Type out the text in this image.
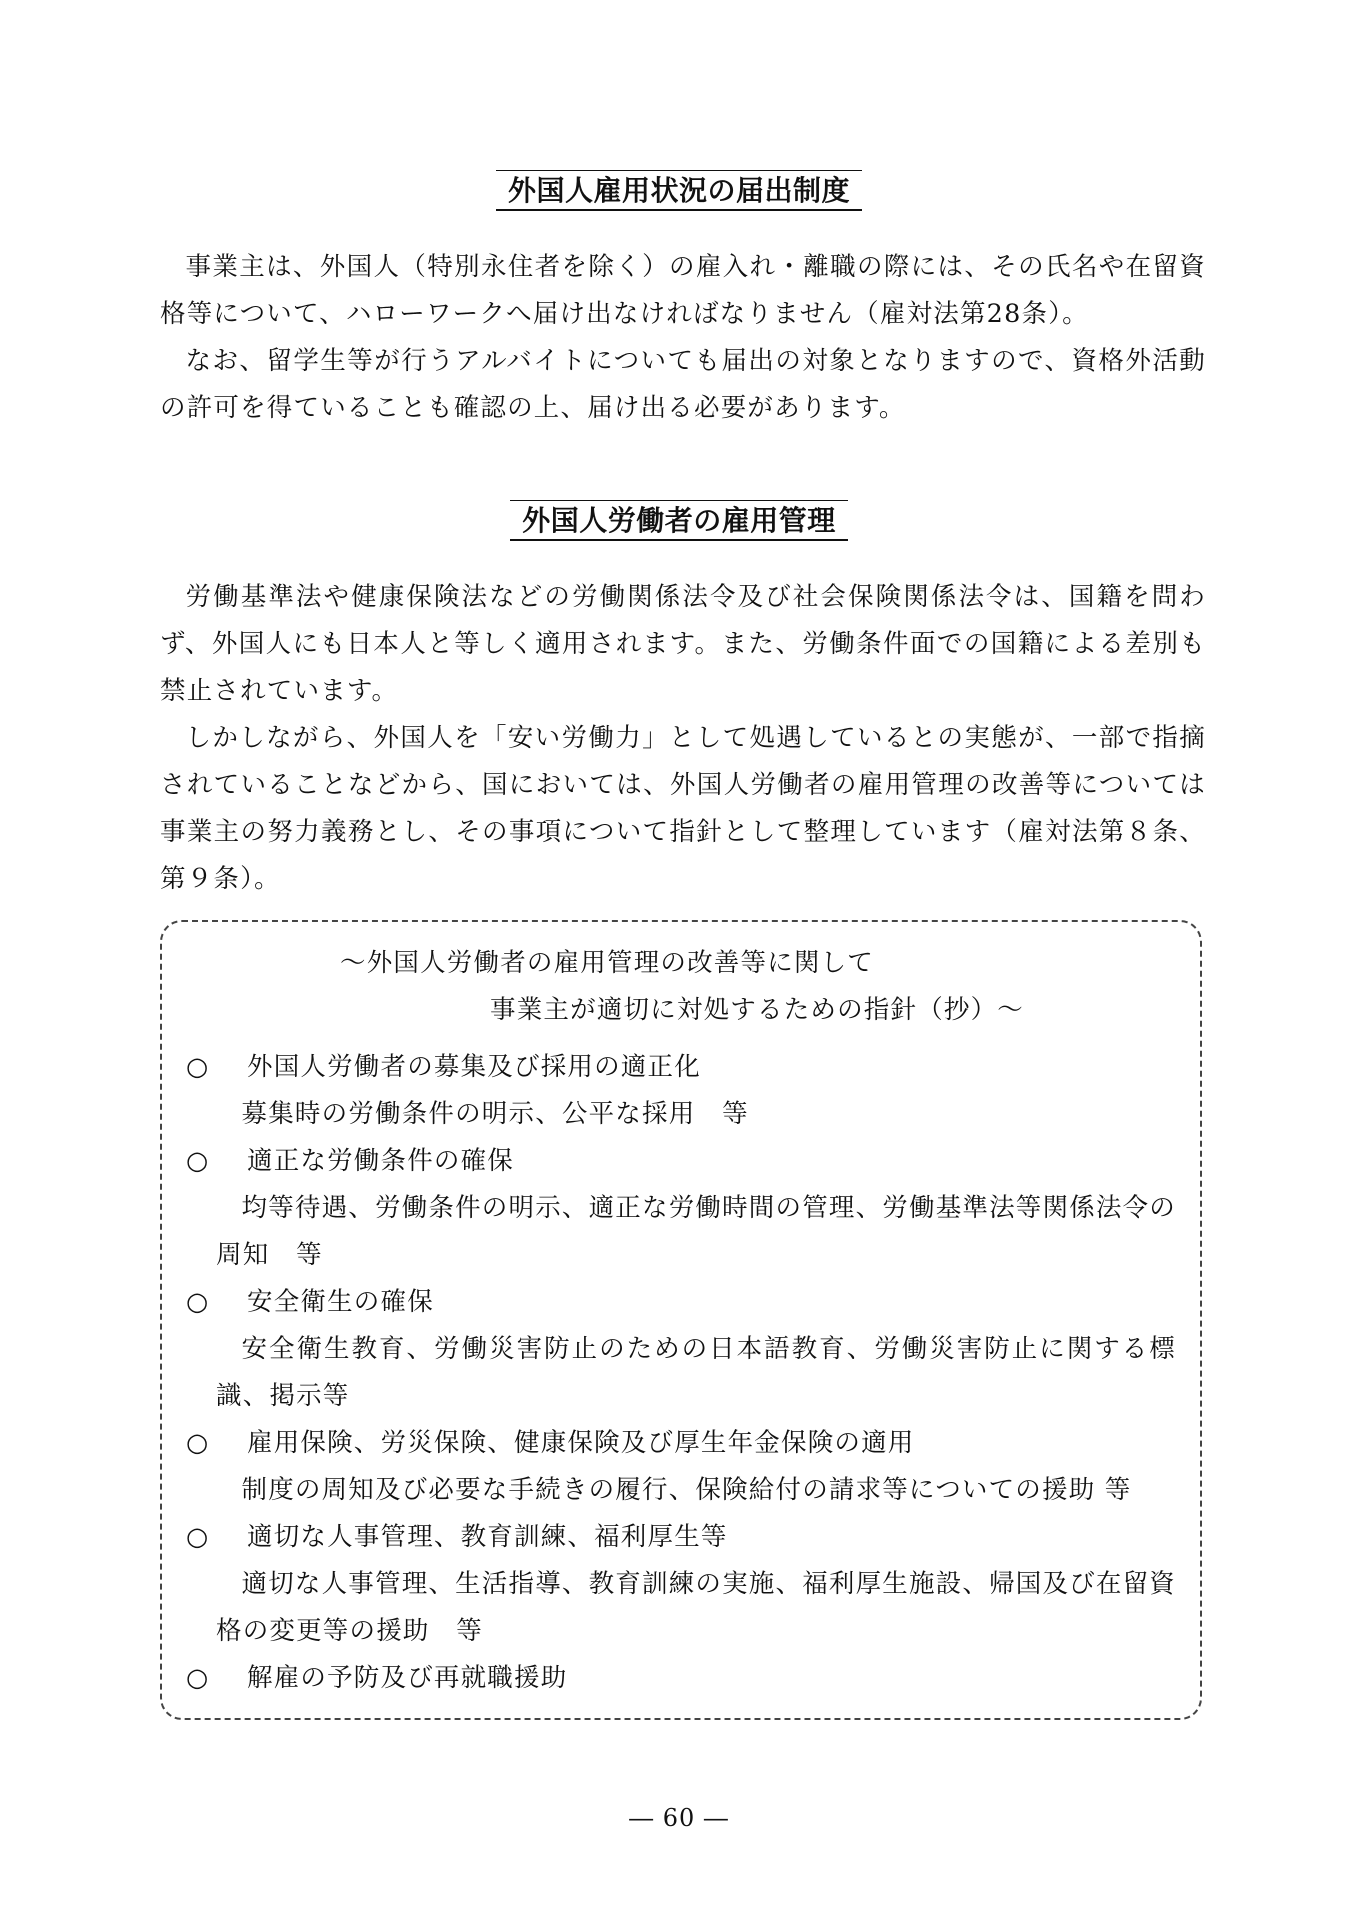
外国人雇用状況の届出制度

事業主は、外国人（特別永住者を除く）の雇入れ・離職の際には、その氏名や在留資格等について、ハローワークへ届け出なければなりません（雇対法第28条）。

なお、留学生等が行うアルバイトについても届出の対象となりますので、資格外活動の許可を得ていることも確認の上、届け出る必要があります。

外国人労働者の雇用管理

労働基準法や健康保険法などの労働関係法令及び社会保険関係法令は、国籍を問わず、外国人にも日本人と等しく適用されます。また、労働条件面での国籍による差別も禁止されています。

しかしながら、外国人を「安い労働力」として処遇しているとの実態が、一部で指摘されていることなどから、国においては、外国人労働者の雇用管理の改善等については事業主の努力義務とし、その事項について指針として整理しています（雇対法第８条、第９条）。

～外国人労働者の雇用管理の改善等に関して
事業主が適切に対処するための指針（抄）～
○	外国人労働者の募集及び採用の適正化
募集時の労働条件の明示、公平な採用　等
○	適正な労働条件の確保
均等待遇、労働条件の明示、適正な労働時間の管理、労働基準法等関係法令の周知　等
○	安全衛生の確保
安全衛生教育、労働災害防止のための日本語教育、労働災害防止に関する標識、掲示等
○	雇用保険、労災保険、健康保険及び厚生年金保険の適用
制度の周知及び必要な手続きの履行、保険給付の請求等についての援助 等
○	適切な人事管理、教育訓練、福利厚生等
適切な人事管理、生活指導、教育訓練の実施、福利厚生施設、帰国及び在留資格の変更等の援助　等
○	解雇の予防及び再就職援助
― 60 ―
